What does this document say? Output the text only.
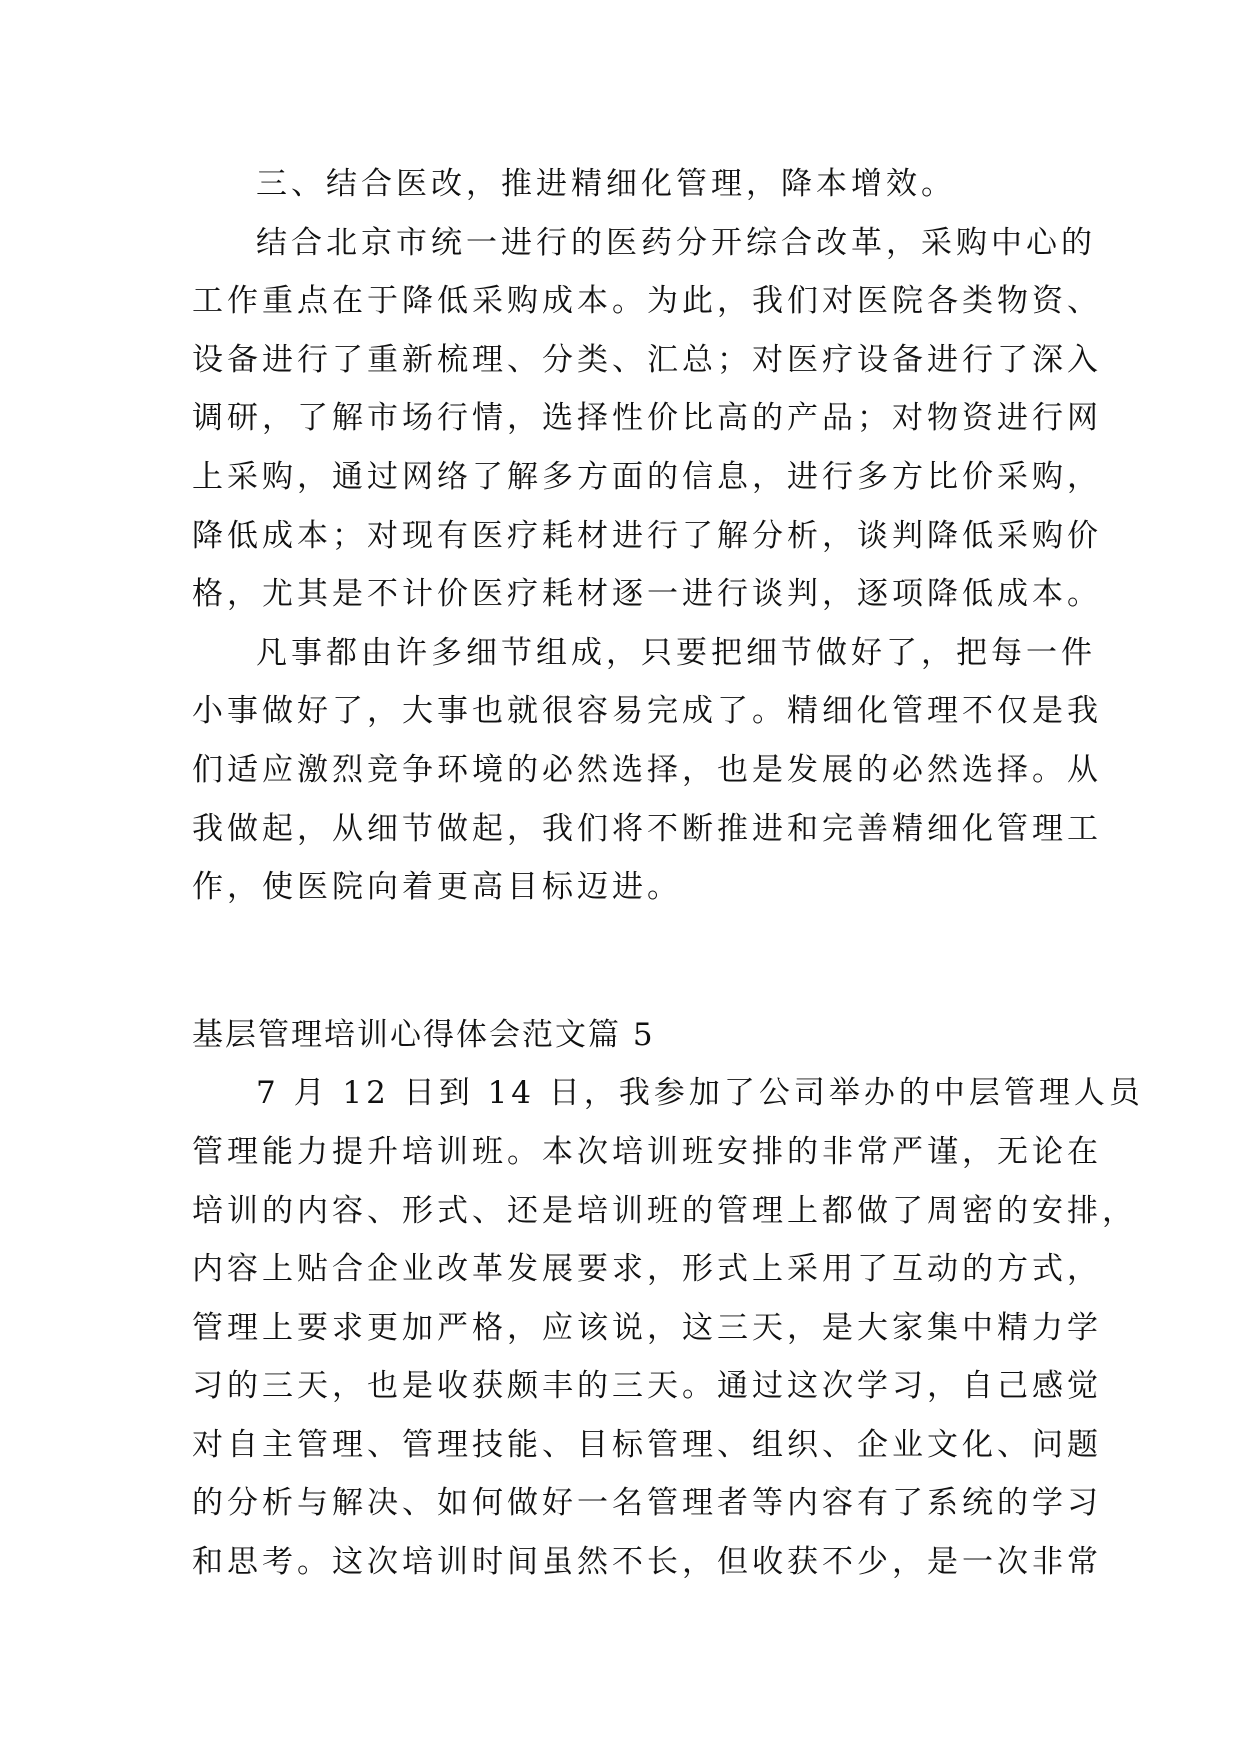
三、结合医改，推进精细化管理，降本增效。
结合北京市统一进行的医药分开综合改革，采购中心的
工作重点在于降低采购成本。为此，我们对医院各类物资、
设备进行了重新梳理、分类、汇总；对医疗设备进行了深入
调研，了解市场行情，选择性价比高的产品；对物资进行网
上采购，通过网络了解多方面的信息，进行多方比价采购，
降低成本；对现有医疗耗材进行了解分析，谈判降低采购价
格，尤其是不计价医疗耗材逐一进行谈判，逐项降低成本。
凡事都由许多细节组成，只要把细节做好了，把每一件
小事做好了，大事也就很容易完成了。精细化管理不仅是我
们适应激烈竞争环境的必然选择，也是发展的必然选择。从
我做起，从细节做起，我们将不断推进和完善精细化管理工
作，使医院向着更高目标迈进。
基层管理培训心得体会范文篇 5
7 月 12 日到 14 日，我参加了公司举办的中层管理人员
管理能力提升培训班。本次培训班安排的非常严谨，无论在
培训的内容、形式、还是培训班的管理上都做了周密的安排，
内容上贴合企业改革发展要求，形式上采用了互动的方式，
管理上要求更加严格，应该说，这三天，是大家集中精力学
习的三天，也是收获颇丰的三天。通过这次学习，自己感觉
对自主管理、管理技能、目标管理、组织、企业文化、问题
的分析与解决、如何做好一名管理者等内容有了系统的学习
和思考。这次培训时间虽然不长，但收获不少，是一次非常
